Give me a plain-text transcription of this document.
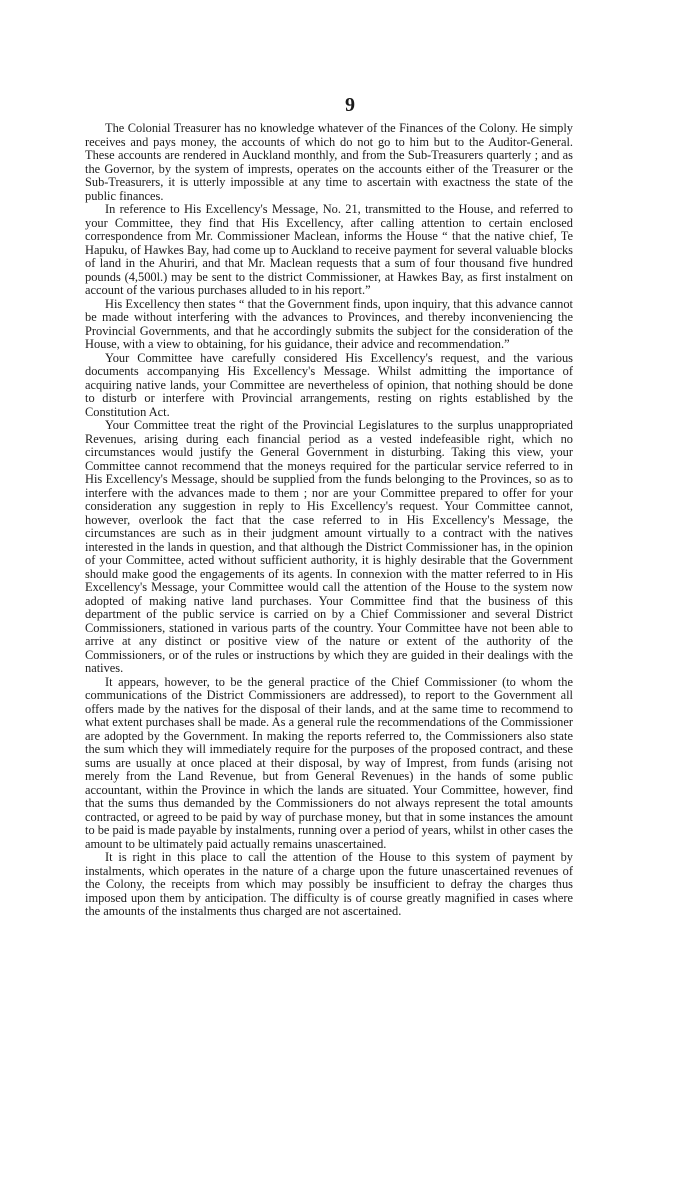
9

The Colonial Treasurer has no knowledge whatever of the Finances of the Colony. He simply receives and pays money, the accounts of which do not go to him but to the Auditor-General. These accounts are rendered in Auckland monthly, and from the Sub-Treasurers quarterly ; and as the Governor, by the system of imprests, operates on the accounts either of the Treasurer or the Sub-Treasurers, it is utterly impossible at any time to ascertain with exactness the state of the public finances.

In reference to His Excellency's Message, No. 21, transmitted to the House, and referred to your Committee, they find that His Excellency, after calling attention to certain enclosed correspondence from Mr. Commissioner Maclean, informs the House “ that the native chief, Te Hapuku, of Hawkes Bay, had come up to Auckland to receive payment for several valuable blocks of land in the Ahuriri, and that Mr. Maclean requests that a sum of four thousand five hundred pounds (4,500l.) may be sent to the district Commissioner, at Hawkes Bay, as first instalment on account of the various purchases alluded to in his report.”

His Excellency then states “ that the Government finds, upon inquiry, that this advance cannot be made without interfering with the advances to Provinces, and thereby inconveniencing the Provincial Governments, and that he accordingly submits the subject for the consideration of the House, with a view to obtaining, for his guidance, their advice and recommendation.”

Your Committee have carefully considered His Excellency's request, and the various documents accompanying His Excellency's Message. Whilst admitting the importance of acquiring native lands, your Committee are nevertheless of opinion, that nothing should be done to disturb or interfere with Provincial arrangements, resting on rights established by the Constitution Act.

Your Committee treat the right of the Provincial Legislatures to the surplus unappropriated Revenues, arising during each financial period as a vested indefeasible right, which no circumstances would justify the General Government in disturbing. Taking this view, your Committee cannot recommend that the moneys required for the particular service referred to in His Excellency's Message, should be supplied from the funds belonging to the Provinces, so as to interfere with the advances made to them ; nor are your Committee prepared to offer for your consideration any suggestion in reply to His Excellency's request. Your Committee cannot, however, overlook the fact that the case referred to in His Excellency's Message, the circumstances are such as in their judgment amount virtually to a contract with the natives interested in the lands in question, and that although the District Commissioner has, in the opinion of your Committee, acted without sufficient authority, it is highly desirable that the Government should make good the engagements of its agents. In connexion with the matter referred to in His Excellency's Message, your Committee would call the attention of the House to the system now adopted of making native land purchases. Your Committee find that the business of this department of the public service is carried on by a Chief Commissioner and several District Commissioners, stationed in various parts of the country. Your Committee have not been able to arrive at any distinct or positive view of the nature or extent of the authority of the Commissioners, or of the rules or instructions by which they are guided in their dealings with the natives.

It appears, however, to be the general practice of the Chief Commissioner (to whom the communications of the District Commissioners are addressed), to report to the Government all offers made by the natives for the disposal of their lands, and at the same time to recommend to what extent purchases shall be made. As a general rule the recommendations of the Commissioner are adopted by the Government. In making the reports referred to, the Commissioners also state the sum which they will immediately require for the purposes of the proposed contract, and these sums are usually at once placed at their disposal, by way of Imprest, from funds (arising not merely from the Land Revenue, but from General Revenues) in the hands of some public accountant, within the Province in which the lands are situated. Your Committee, however, find that the sums thus demanded by the Commissioners do not always represent the total amounts contracted, or agreed to be paid by way of purchase money, but that in some instances the amount to be paid is made payable by instalments, running over a period of years, whilst in other cases the amount to be ultimately paid actually remains unascertained.

It is right in this place to call the attention of the House to this system of payment by instalments, which operates in the nature of a charge upon the future unascertained revenues of the Colony, the receipts from which may possibly be insufficient to defray the charges thus imposed upon them by anticipation. The difficulty is of course greatly magnified in cases where the amounts of the instalments thus charged are not ascertained.
